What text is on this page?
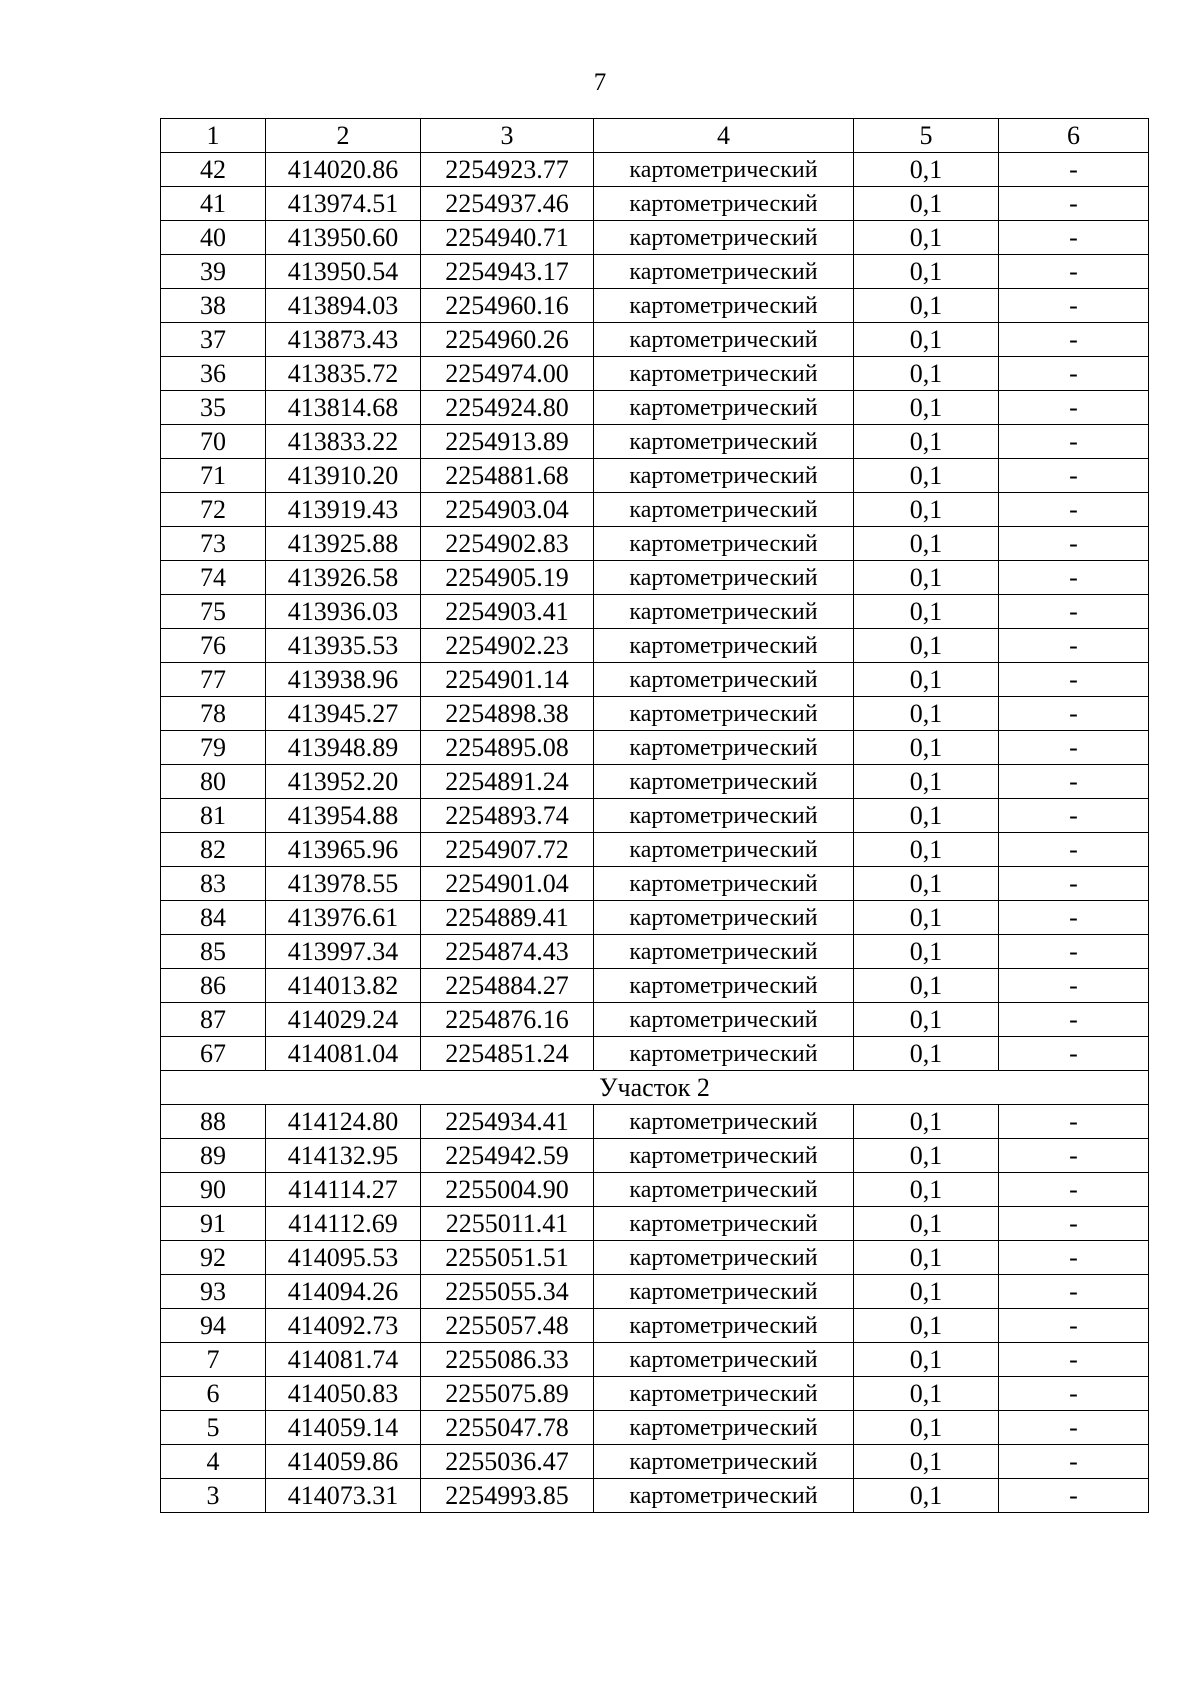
7
1	2	3	4	5	6
42	414020.86	2254923.77	картометрический	0,1	-
41	413974.51	2254937.46	картометрический	0,1	-
40	413950.60	2254940.71	картометрический	0,1	-
39	413950.54	2254943.17	картометрический	0,1	-
38	413894.03	2254960.16	картометрический	0,1	-
37	413873.43	2254960.26	картометрический	0,1	-
36	413835.72	2254974.00	картометрический	0,1	-
35	413814.68	2254924.80	картометрический	0,1	-
70	413833.22	2254913.89	картометрический	0,1	-
71	413910.20	2254881.68	картометрический	0,1	-
72	413919.43	2254903.04	картометрический	0,1	-
73	413925.88	2254902.83	картометрический	0,1	-
74	413926.58	2254905.19	картометрический	0,1	-
75	413936.03	2254903.41	картометрический	0,1	-
76	413935.53	2254902.23	картометрический	0,1	-
77	413938.96	2254901.14	картометрический	0,1	-
78	413945.27	2254898.38	картометрический	0,1	-
79	413948.89	2254895.08	картометрический	0,1	-
80	413952.20	2254891.24	картометрический	0,1	-
81	413954.88	2254893.74	картометрический	0,1	-
82	413965.96	2254907.72	картометрический	0,1	-
83	413978.55	2254901.04	картометрический	0,1	-
84	413976.61	2254889.41	картометрический	0,1	-
85	413997.34	2254874.43	картометрический	0,1	-
86	414013.82	2254884.27	картометрический	0,1	-
87	414029.24	2254876.16	картометрический	0,1	-
67	414081.04	2254851.24	картометрический	0,1	-
Участок 2					
88	414124.80	2254934.41	картометрический	0,1	-
89	414132.95	2254942.59	картометрический	0,1	-
90	414114.27	2255004.90	картометрический	0,1	-
91	414112.69	2255011.41	картометрический	0,1	-
92	414095.53	2255051.51	картометрический	0,1	-
93	414094.26	2255055.34	картометрический	0,1	-
94	414092.73	2255057.48	картометрический	0,1	-
7	414081.74	2255086.33	картометрический	0,1	-
6	414050.83	2255075.89	картометрический	0,1	-
5	414059.14	2255047.78	картометрический	0,1	-
4	414059.86	2255036.47	картометрический	0,1	-
3	414073.31	2254993.85	картометрический	0,1	-
